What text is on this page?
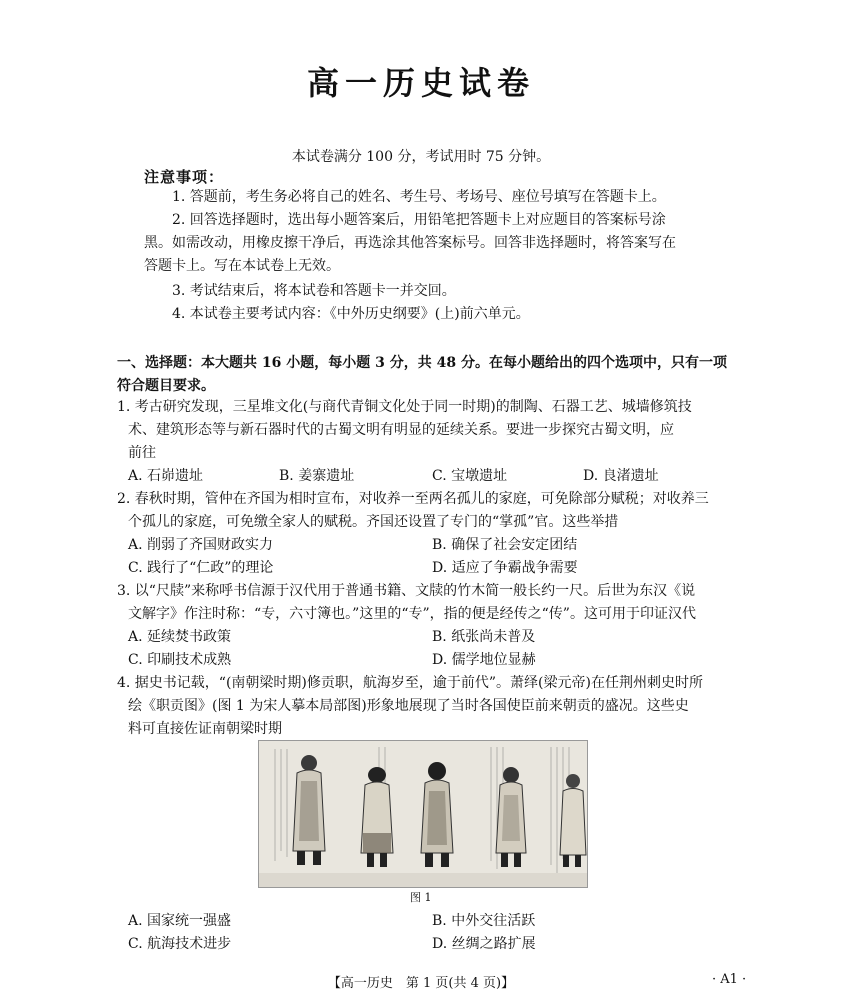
高一历史试卷
本试卷满分 100 分，考试用时 75 分钟。
注意事项：
1. 答题前，考生务必将自己的姓名、考生号、考场号、座位号填写在答题卡上。
2. 回答选择题时，选出每小题答案后，用铅笔把答题卡上对应题目的答案标号涂
黑。如需改动，用橡皮擦干净后，再选涂其他答案标号。回答非选择题时，将答案写在
答题卡上。写在本试卷上无效。
3. 考试结束后，将本试卷和答题卡一并交回。
4. 本试卷主要考试内容：《中外历史纲要》(上)前六单元。
一、选择题：本大题共 16 小题，每小题 3 分，共 48 分。在每小题给出的四个选项中，只有一项符合题目要求。
1. 考古研究发现，三星堆文化(与商代青铜文化处于同一时期)的制陶、石器工艺、城墙修筑技
术、建筑形态等与新石器时代的古蜀文明有明显的延续关系。要进一步探究古蜀文明，应
前往
A. 石峁遗址	B. 姜寨遗址	C. 宝墩遗址	D. 良渚遗址
2. 春秋时期，管仲在齐国为相时宣布，对收养一至两名孤儿的家庭，可免除部分赋税；对收养三
个孤儿的家庭，可免缴全家人的赋税。齐国还设置了专门的“掌孤”官。这些举措
A. 削弱了齐国财政实力	B. 确保了社会安定团结
C. 践行了“仁政”的理论	D. 适应了争霸战争需要
3. 以“尺牍”来称呼书信源于汉代用于普通书籍、文牍的竹木简一般长约一尺。后世为东汉《说
文解字》作注时称：“专，六寸簿也。”这里的“专”，指的便是经传之“传”。这可用于印证汉代
A. 延续焚书政策	B. 纸张尚未普及
C. 印刷技术成熟	D. 儒学地位显赫
4. 据史书记载，“(南朝梁时期)修贡职，航海岁至，逾于前代”。萧绎(梁元帝)在任荆州刺史时所
绘《职贡图》(图 1 为宋人摹本局部图)形象地展现了当时各国使臣前来朝贡的盛况。这些史
料可直接佐证南朝梁时期
图 1
A. 国家统一强盛	B. 中外交往活跃
C. 航海技术进步	D. 丝绸之路扩展
【高一历史　第 1 页(共 4 页)】	· A1 ·
